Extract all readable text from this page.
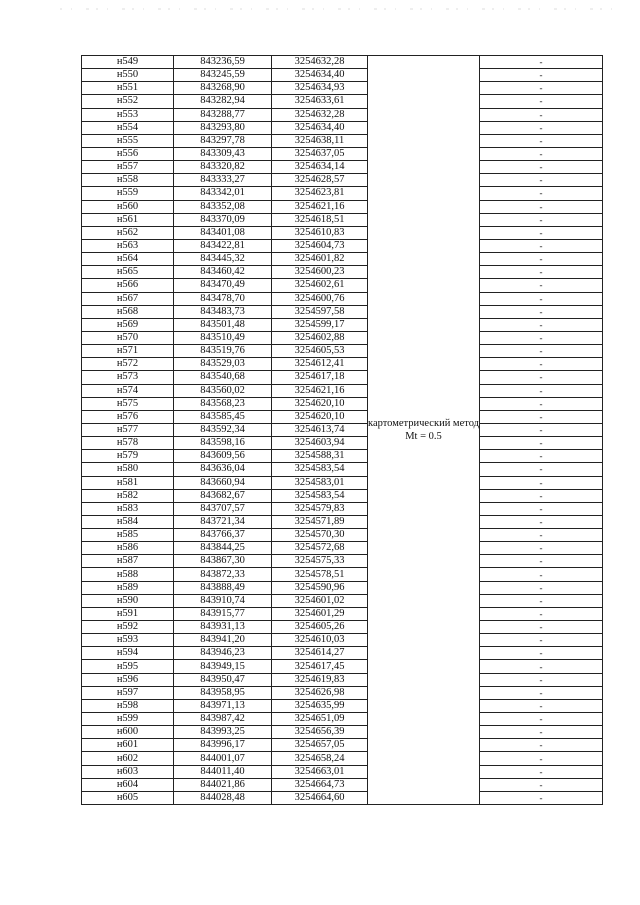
н549	843236,59	3254632,28	картометрический метод Mt = 0.5	-
н550	843245,59	3254634,40		-
н551	843268,90	3254634,93		-
н552	843282,94	3254633,61		-
н553	843288,77	3254632,28		-
н554	843293,80	3254634,40		-
н555	843297,78	3254638,11		-
н556	843309,43	3254637,05		-
н557	843320,82	3254634,14		-
н558	843333,27	3254628,57		-
н559	843342,01	3254623,81		-
н560	843352,08	3254621,16		-
н561	843370,09	3254618,51		-
н562	843401,08	3254610,83		-
н563	843422,81	3254604,73		-
н564	843445,32	3254601,82		-
н565	843460,42	3254600,23		-
н566	843470,49	3254602,61		-
н567	843478,70	3254600,76		-
н568	843483,73	3254597,58		-
н569	843501,48	3254599,17		-
н570	843510,49	3254602,88		-
н571	843519,76	3254605,53		-
н572	843529,03	3254612,41		-
н573	843540,68	3254617,18		-
н574	843560,02	3254621,16		-
н575	843568,23	3254620,10		-
н576	843585,45	3254620,10		-
н577	843592,34	3254613,74		-
н578	843598,16	3254603,94		-
н579	843609,56	3254588,31		-
н580	843636,04	3254583,54		-
н581	843660,94	3254583,01		-
н582	843682,67	3254583,54		-
н583	843707,57	3254579,83		-
н584	843721,34	3254571,89		-
н585	843766,37	3254570,30		-
н586	843844,25	3254572,68		-
н587	843867,30	3254575,33		-
н588	843872,33	3254578,51		-
н589	843888,49	3254590,96		-
н590	843910,74	3254601,02		-
н591	843915,77	3254601,29		-
н592	843931,13	3254605,26		-
н593	843941,20	3254610,03		-
н594	843946,23	3254614,27		-
н595	843949,15	3254617,45		-
н596	843950,47	3254619,83		-
н597	843958,95	3254626,98		-
н598	843971,13	3254635,99		-
н599	843987,42	3254651,09		-
н600	843993,25	3254656,39		-
н601	843996,17	3254657,05		-
н602	844001,07	3254658,24		-
н603	844011,40	3254663,01		-
н604	844021,86	3254664,73		-
н605	844028,48	3254664,60		-
